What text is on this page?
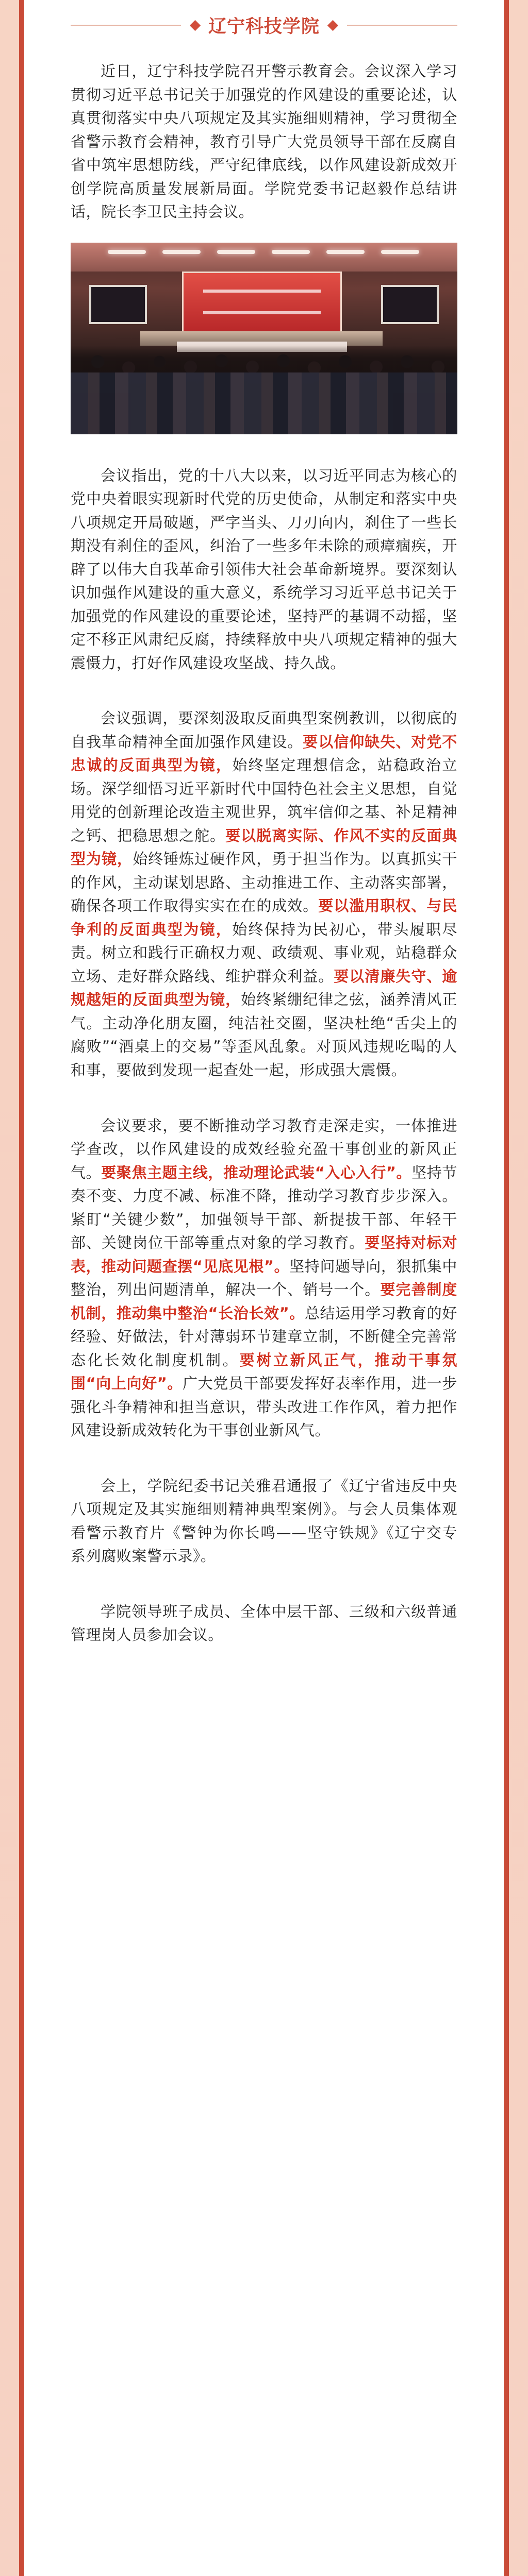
辽宁科技学院

近日，辽宁科技学院召开警示教育会。会议深入学习贯彻习近平总书记关于加强党的作风建设的重要论述，认真贯彻落实中央八项规定及其实施细则精神，学习贯彻全省警示教育会精神，教育引导广大党员领导干部在反腐自省中筑牢思想防线，严守纪律底线，以作风建设新成效开创学院高质量发展新局面。学院党委书记赵毅作总结讲话，院长李卫民主持会议。

会议指出，党的十八大以来，以习近平同志为核心的党中央着眼实现新时代党的历史使命，从制定和落实中央八项规定开局破题，严字当头、刀刃向内，刹住了一些长期没有刹住的歪风，纠治了一些多年未除的顽瘴痼疾，开辟了以伟大自我革命引领伟大社会革命新境界。要深刻认识加强作风建设的重大意义，系统学习习近平总书记关于加强党的作风建设的重要论述，坚持严的基调不动摇，坚定不移正风肃纪反腐，持续释放中央八项规定精神的强大震慑力，打好作风建设攻坚战、持久战。

会议强调，要深刻汲取反面典型案例教训，以彻底的自我革命精神全面加强作风建设。要以信仰缺失、对党不忠诚的反面典型为镜，始终坚定理想信念，站稳政治立场。深学细悟习近平新时代中国特色社会主义思想，自觉用党的创新理论改造主观世界，筑牢信仰之基、补足精神之钙、把稳思想之舵。要以脱离实际、作风不实的反面典型为镜，始终锤炼过硬作风，勇于担当作为。以真抓实干的作风，主动谋划思路、主动推进工作、主动落实部署，确保各项工作取得实实在在的成效。要以滥用职权、与民争利的反面典型为镜，始终保持为民初心，带头履职尽责。树立和践行正确权力观、政绩观、事业观，站稳群众立场、走好群众路线、维护群众利益。要以清廉失守、逾规越矩的反面典型为镜，始终紧绷纪律之弦，涵养清风正气。主动净化朋友圈，纯洁社交圈，坚决杜绝“舌尖上的腐败”“酒桌上的交易”等歪风乱象。对顶风违规吃喝的人和事，要做到发现一起查处一起，形成强大震慑。

会议要求，要不断推动学习教育走深走实，一体推进学查改，以作风建设的成效经验充盈干事创业的新风正气。要聚焦主题主线，推动理论武装“入心入行”。坚持节奏不变、力度不减、标准不降，推动学习教育步步深入。紧盯“关键少数”，加强领导干部、新提拔干部、年轻干部、关键岗位干部等重点对象的学习教育。要坚持对标对表，推动问题查摆“见底见根”。坚持问题导向，狠抓集中整治，列出问题清单，解决一个、销号一个。要完善制度机制，推动集中整治“长治长效”。总结运用学习教育的好经验、好做法，针对薄弱环节建章立制，不断健全完善常态化长效化制度机制。要树立新风正气，推动干事氛围“向上向好”。广大党员干部要发挥好表率作用，进一步强化斗争精神和担当意识，带头改进工作作风，着力把作风建设新成效转化为干事创业新风气。

会上，学院纪委书记关雅君通报了《辽宁省违反中央八项规定及其实施细则精神典型案例》。与会人员集体观看警示教育片《警钟为你长鸣——坚守铁规》《辽宁交专系列腐败案警示录》。

学院领导班子成员、全体中层干部、三级和六级普通管理岗人员参加会议。
